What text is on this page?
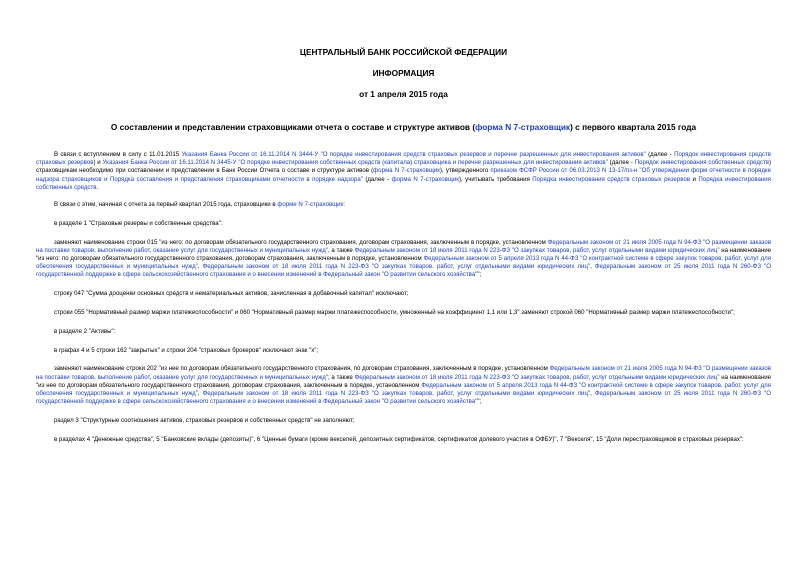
ЦЕНТРАЛЬНЫЙ БАНК РОССИЙСКОЙ ФЕДЕРАЦИИ
ИНФОРМАЦИЯ
от 1 апреля 2015 года
О составлении и представлении страховщиками отчета о составе и структуре активов (форма N 7-страховщик) с первого квартала 2015 года

В связи с вступлением в силу с 11.01.2015 Указания Банка России от 16.11.2014 N 3444-У "О порядке инвестирования средств страховых резервов и перечне разрешенных для инвестирования активов" (далее - Порядок инвестирования средств страховых резервов) и Указания Банка России от 16.11.2014 N 3445-У "О порядке инвестирования собственных средств (капитала) страховщика и перечне разрешенных для инвестирования активов" (далее - Порядок инвестирования собственных средств) страховщикам необходимо при составлении и представлении в Банк России Отчета о составе и структуре активов (форма N 7-страховщик), утвержденного приказом ФСФР России от 06.03.2013 N 13-17/пз-н "Об утверждении форм отчетности в порядке надзора страховщиков и Порядка составления и представления страховщиками отчетности в порядке надзора" (далее - форма N 7-страховщик), учитывать требования Порядка инвестирования средств страховых резервов и Порядка инвестирования собственных средств.

В связи с этим, начиная с отчета за первый квартал 2015 года, страховщики в форме N 7-страховщик:

в разделе 1 "Страховые резервы и собственные средства":

заменяют наименование строки 015 "из него: по договорам обязательного государственного страхования, договорам страхования, заключенным в порядке, установленном Федеральным законом от 21 июля 2005 года N 94-ФЗ "О размещении заказов на поставки товаров, выполнение работ, оказание услуг для государственных и муниципальных нужд", а также Федеральным законом от 18 июля 2011 года N 223-ФЗ "О закупках товаров, работ, услуг отдельными видами юридических лиц" на наименование "из него: по договорам обязательного государственного страхования, договорам страхования, заключенным в порядке, установленном Федеральным законом от 5 апреля 2013 года N 44-ФЗ "О контрактной системе в сфере закупок товаров, работ, услуг для обеспечения государственных и муниципальных нужд", Федеральным законом от 18 июля 2011 года N 223-ФЗ "О закупках товаров, работ, услуг отдельными видами юридических лиц", Федеральным законом от 25 июля 2011 года N 260-ФЗ "О государственной поддержке в сфере сельскохозяйственного страхования и о внесении изменений в Федеральный закон "О развитии сельского хозяйства"";

строку 047 "Сумма дооценки основных средств и нематериальных активов, зачисленная в добавочный капитал" исключают;

строки 055 "Нормативный размер маржи платежеспособности" и 060 "Нормативный размер маржи платежеспособности, умноженный на коэффициент 1,1 или 1,3" заменяют строкой 060 "Нормативный размер маржи платежеспособности";

в разделе 2 "Активы":

в графах 4 и 5 строки 162 "закрытых" и строки 204 "страховых брокеров" исключают знак "х";

заменяют наименование строки 202 "из нее по договорам обязательного государственного страхования, по договорам страхования, заключенным в порядке, установленном Федеральным законом от 21 июля 2005 года N 94-ФЗ "О размещении заказов на поставки товаров, выполнение работ, оказание услуг для государственных и муниципальных нужд"; а также Федеральным законом от 18 июля 2011 года N 223-ФЗ "О закупках товаров, работ, услуг отдельными видами юридических лиц" на наименование "из нее по договорам обязательного государственного страхования, договорам страхования, заключенным в порядке, установленном Федеральным законом от 5 апреля 2013 года N 44-ФЗ "О контрактной системе в сфере закупок товаров, работ, услуг для обеспечения государственных и муниципальных нужд", Федеральным законом от 18 июля 2011 года N 223-ФЗ "О закупках товаров, работ, услуг отдельными видами юридических лиц", Федеральным законом от 25 июля 2011 года N 260-ФЗ "О государственной поддержке в сфере сельскохозяйственного страхования и о внесении изменений в Федеральный закон "О развитии сельского хозяйства"";

раздел 3 "Структурные соотношения активов, страховых резервов и собственных средств" не заполняют;

в разделах 4 "Денежные средства", 5 "Банковские вклады (депозиты)", 6 "Ценные бумаги (кроме векселей, депозитных сертификатов, сертификатов долевого участия в ОФБУ)", 7 "Векселя", 15 "Доли перестраховщиков в страховых резервах":
